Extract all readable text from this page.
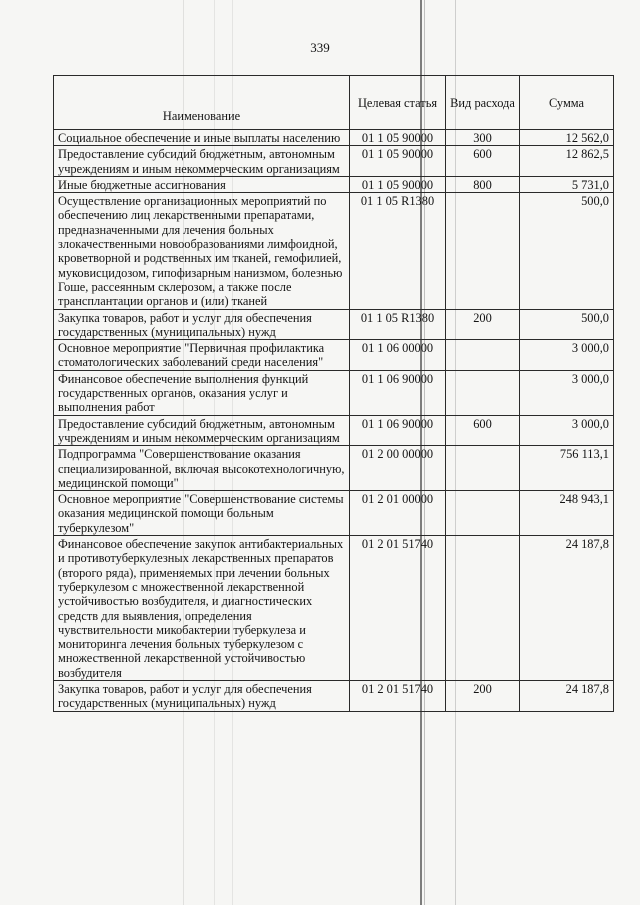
339
Наименование	Целевая статья	Вид расхода	Сумма
Социальное обеспечение и иные выплаты населению	01 1 05 90000	300	12 562,0
Предоставление субсидий бюджетным, автономным учреждениям и иным некоммерческим организациям	01 1 05 90000	600	12 862,5
Иные бюджетные ассигнования	01 1 05 90000	800	5 731,0
Осуществление организационных мероприятий по обеспечению лиц лекарственными препаратами, предназначенными для лечения больных злокачественными новообразованиями лимфоидной, кроветворной и родственных им тканей, гемофилией, муковисцидозом, гипофизарным нанизмом, болезнью Гоше, рассеянным склерозом, а также после трансплантации органов и (или) тканей	01 1 05 R1380		500,0
Закупка товаров, работ и услуг для обеспечения государственных (муниципальных) нужд	01 1 05 R1380	200	500,0
Основное мероприятие "Первичная профилактика стоматологических заболеваний среди населения"	01 1 06 00000		3 000,0
Финансовое обеспечение выполнения функций государственных органов, оказания услуг и выполнения работ	01 1 06 90000		3 000,0
Предоставление субсидий бюджетным, автономным учреждениям и иным некоммерческим организациям	01 1 06 90000	600	3 000,0
Подпрограмма "Совершенствование оказания специализированной, включая высокотехнологичную, медицинской помощи"	01 2 00 00000		756 113,1
Основное мероприятие "Совершенствование системы оказания медицинской помощи больным туберкулезом"	01 2 01 00000		248 943,1
Финансовое обеспечение закупок антибактериальных и противотуберкулезных лекарственных препаратов (второго ряда), применяемых при лечении больных туберкулезом с множественной лекарственной устойчивостью возбудителя, и диагностических средств для выявления, определения чувствительности микобактерии туберкулеза и мониторинга лечения больных туберкулезом с множественной лекарственной устойчивостью возбудителя	01 2 01 51740		24 187,8
Закупка товаров, работ и услуг для обеспечения государственных (муниципальных) нужд	01 2 01 51740	200	24 187,8
